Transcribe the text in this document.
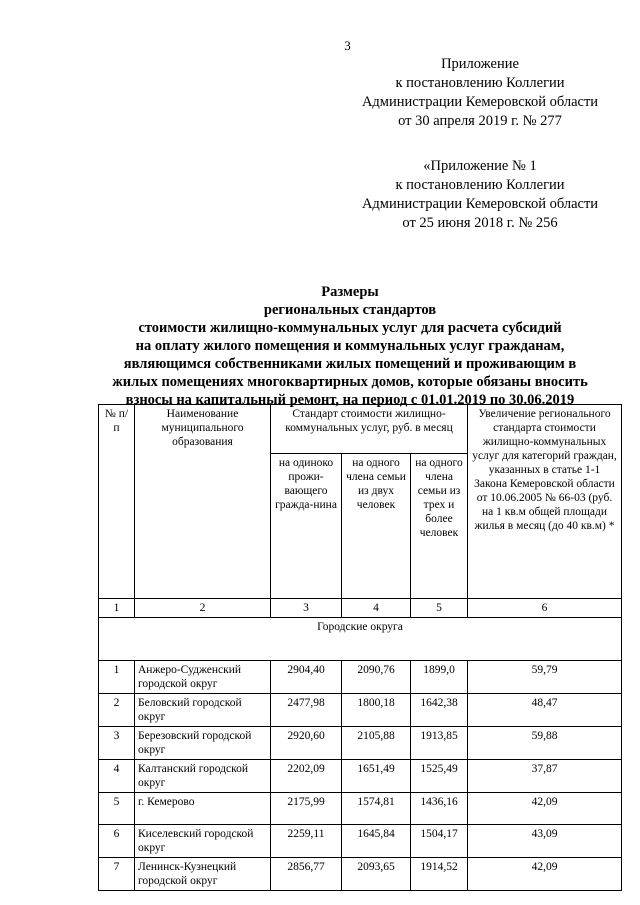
3
Приложение
к постановлению Коллегии
Администрации Кемеровской области
от 30 апреля 2019 г. № 277
«Приложение № 1
к постановлению Коллегии
Администрации Кемеровской области
от 25 июня 2018 г. № 256
Размеры
региональных стандартов
стоимости жилищно-коммунальных услуг для расчета субсидий
на оплату жилого помещения и коммунальных услуг гражданам,
являющимся собственниками жилых помещений и проживающим в
жилых помещениях многоквартирных домов, которые обязаны вносить
взносы на капитальный ремонт, на период с 01.01.2019 по 30.06.2019
№ п/п	Наименование муниципального образования	Стандарт стоимости жилищно-коммунальных услуг, руб. в месяц			Увеличение регионального стандарта стоимости жилищно-коммунальных услуг для категорий граждан, указанных в статье 1-1 Закона Кемеровской области от 10.06.2005 № 66-03 (руб. на 1 кв.м общей площади жилья в месяц (до 40 кв.м) *
		на одиноко прожи-вающего гражда-нина	на одного члена семьи из двух человек	на одного члена семьи из трех и более человек	
1	2	3	4	5	6
Городские округа					
1	Анжеро-Судженский городской округ	2904,40	2090,76	1899,0	59,79
2	Беловский городской округ	2477,98	1800,18	1642,38	48,47
3	Березовский городской округ	2920,60	2105,88	1913,85	59,88
4	Калтанский городской округ	2202,09	1651,49	1525,49	37,87
5	г. Кемерово	2175,99	1574,81	1436,16	42,09
6	Киселевский городской округ	2259,11	1645,84	1504,17	43,09
7	Ленинск-Кузнецкий городской округ	2856,77	2093,65	1914,52	42,09
